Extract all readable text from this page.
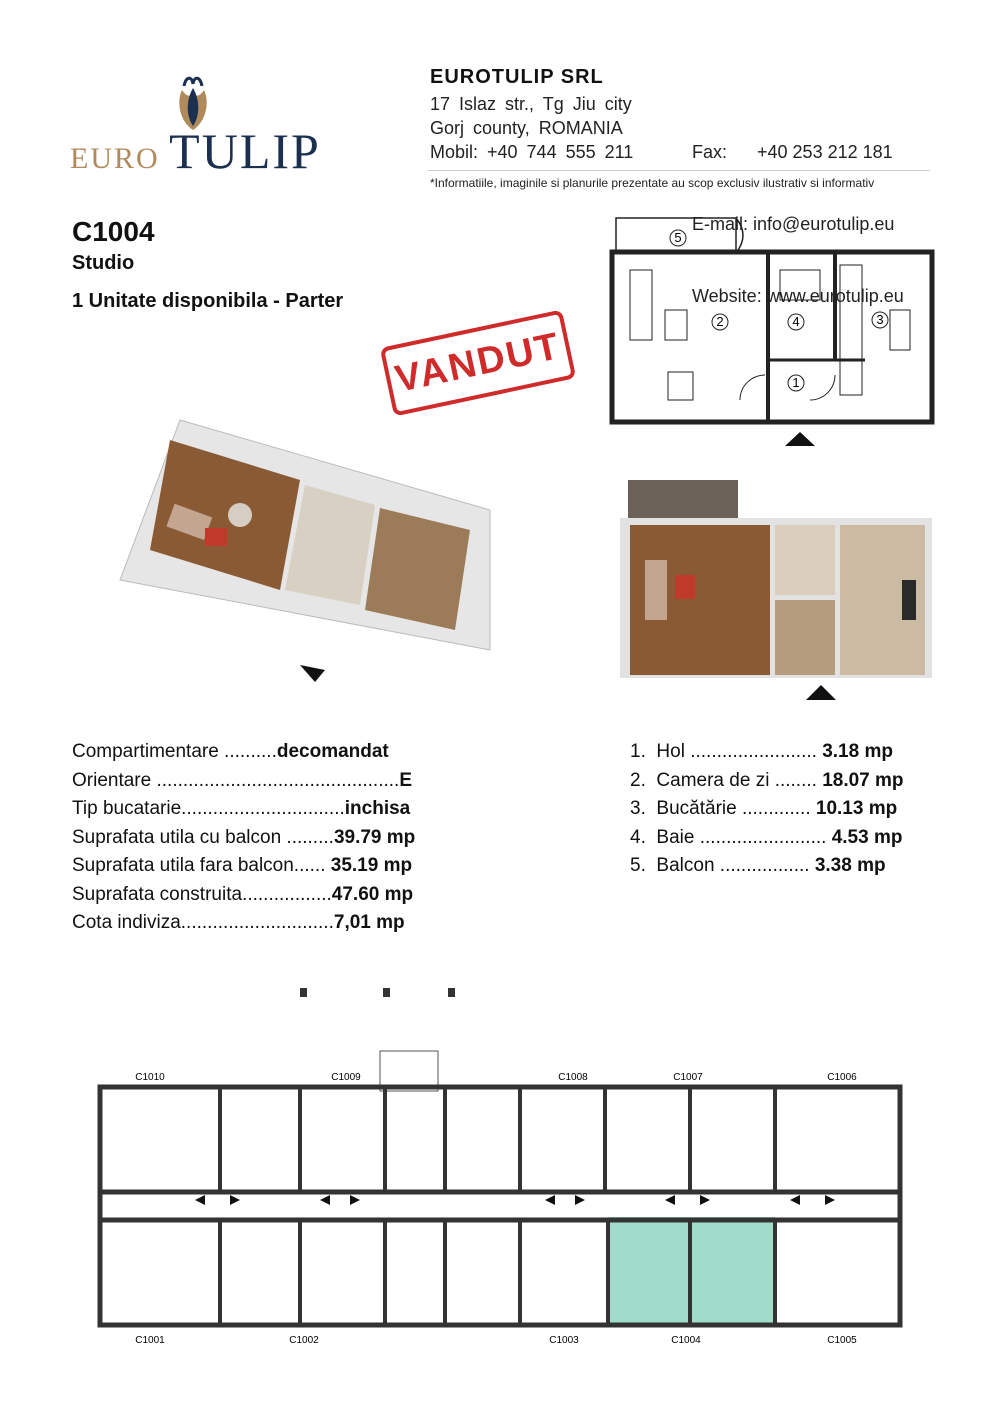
EURO TULIP
EUROTULIP SRL
17 Islaz str., Tg Jiu city
Gorj county, ROMANIA
Mobil: +40 744 555 211

	Fax:      +40 253 212 181

E-mail: info@eurotulip.eu

Website: www.eurotulip.eu

*Informatiile, imaginile si planurile prezentate au scop exclusiv ilustrativ si informativ
C1004
Studio
1 Unitate disponibila - Parter
VANDUT
5
2	4	3
1
Compartimentare ..........decomandat
Orientare ..............................................E
Tip bucatarie...............................inchisa
Suprafata utila cu balcon .........39.79 mp
Suprafata utila fara balcon...... 35.19 mp
Suprafata construita.................47.60 mp
Cota indiviza.............................7,01 mp
1. Hol ........................ 3.18 mp
2. Camera de zi ........ 18.07 mp
3. Bucătărie ............. 10.13 mp
4. Baie ........................ 4.53 mp
5. Balcon ................. 3.38 mp
C1010	C1009	C1008	C1007	C1006
C1001	C1002	C1003	C1004	C1005
